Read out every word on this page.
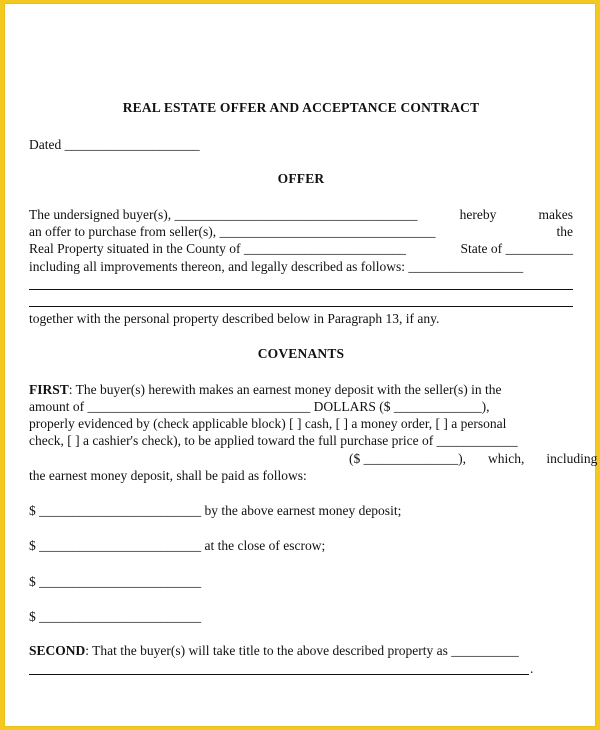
REAL ESTATE OFFER AND ACCEPTANCE CONTRACT
Dated ____________________
OFFER
The undersigned buyer(s), ____________________________________	hereby	makes
an offer to purchase from seller(s), ________________________________	the
Real Property situated in the County of ________________________	State of __________
including all improvements thereon, and legally described as follows: _________________
together with the personal property described below in Paragraph 13, if any.
COVENANTS
FIRST: The buyer(s) herewith makes an earnest money deposit with the seller(s) in the
amount of _________________________________ DOLLARS ($ _____________),
properly evidenced by (check applicable block) [ ] cash, [ ] a money order, [ ] a personal
check, [ ] a cashier's check), to be applied toward the full purchase price of ____________
($ ______________), which, including
the earnest money deposit, shall be paid as follows:
$ ________________________ by the above earnest money deposit;
$ ________________________ at the close of escrow;
$ ________________________
$ ________________________
SECOND: That the buyer(s) will take title to the above described property as __________
.
